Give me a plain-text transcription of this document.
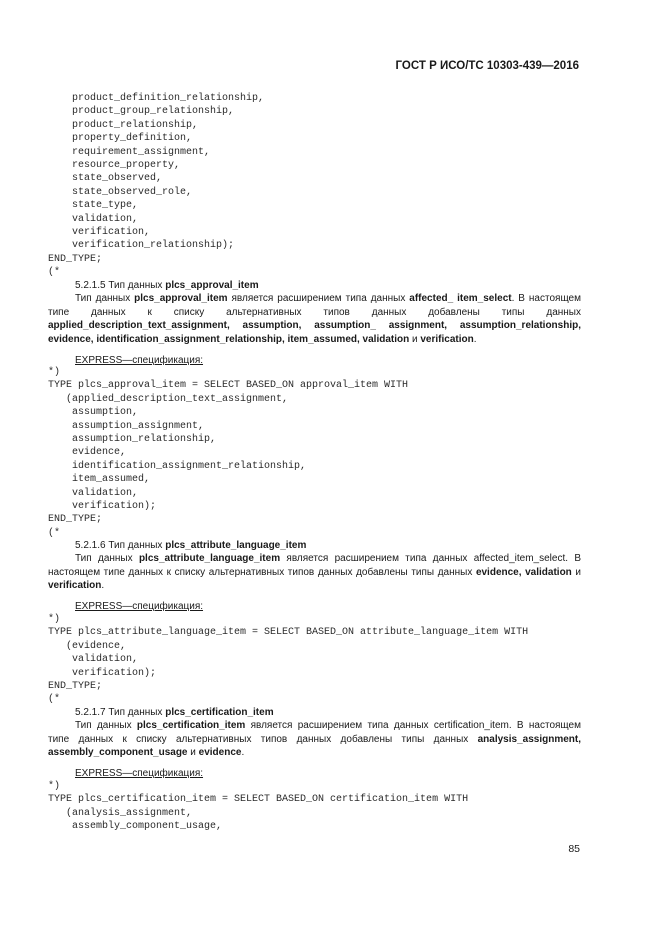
ГОСТ Р ИСО/ТС 10303-439—2016
product_definition_relationship,
product_group_relationship,
product_relationship,
property_definition,
requirement_assignment,
resource_property,
state_observed,
state_observed_role,
state_type,
validation,
verification,
verification_relationship);
END_TYPE;
(*
5.2.1.5 Тип данных plcs_approval_item

Тип данных plcs_approval_item является расширением типа данных affected_ item_select. В настоящем типе данных к списку альтернативных типов данных добавлены типы данных applied_description_text_assignment, assumption, assumption_ assignment, assumption_relationship, evidence, identification_assignment_relationship, item_assumed, validation и verification.

EXPRESS—спецификация:
*)
TYPE plcs_approval_item = SELECT BASED_ON approval_item WITH
(applied_description_text_assignment,
assumption,
assumption_assignment,
assumption_relationship,
evidence,
identification_assignment_relationship,
item_assumed,
validation,
verification);
END_TYPE;
(*
5.2.1.6 Тип данных plcs_attribute_language_item

Тип данных plcs_attribute_language_item является расширением типа данных affected_item_select. В настоящем типе данных к списку альтернативных типов данных добавлены типы данных evidence, validation и verification.

EXPRESS—спецификация:
*)
TYPE plcs_attribute_language_item = SELECT BASED_ON attribute_language_item WITH
(evidence,
validation,
verification);
END_TYPE;
(*
5.2.1.7 Тип данных plcs_certification_item

Тип данных plcs_certification_item является расширением типа данных certification_item. В настоящем типе данных к списку альтернативных типов данных добавлены типы данных analysis_assignment, assembly_component_usage и evidence.

EXPRESS—спецификация:
*)
TYPE plcs_certification_item = SELECT BASED_ON certification_item WITH
(analysis_assignment,
assembly_component_usage,
85
